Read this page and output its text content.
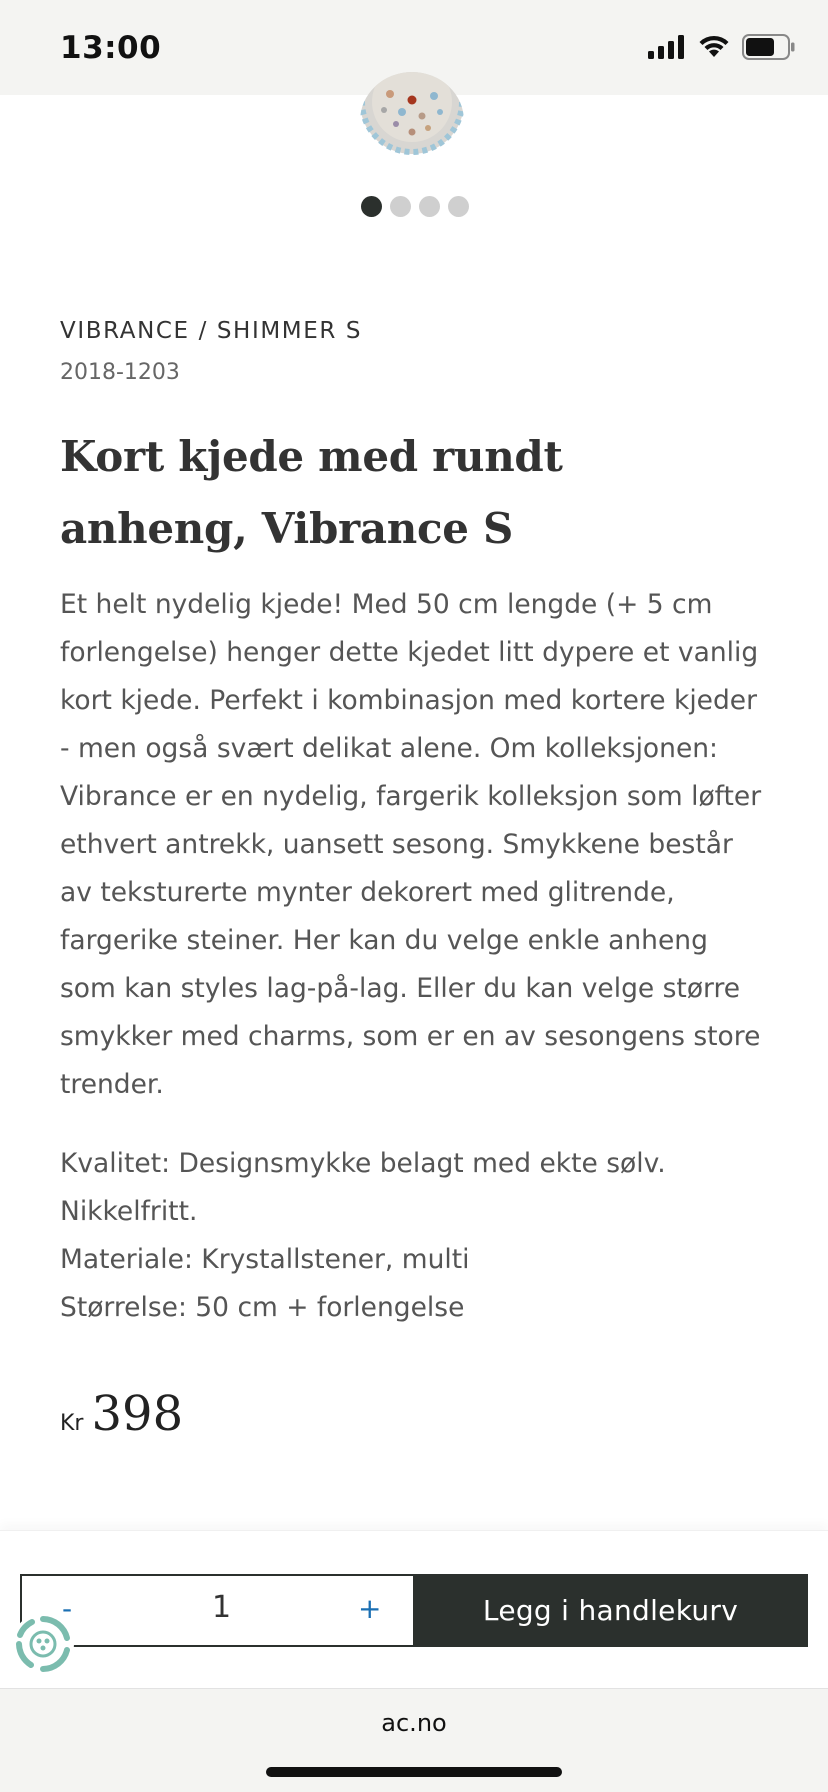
13:00
VIBRANCE / SHIMMER S
2018-1203
Kort kjede med rundt anheng, Vibrance S

Et helt nydelig kjede! Med 50 cm lengde (+ 5 cm forlengelse) henger dette kjedet litt dypere et vanlig kort kjede. Perfekt i kombinasjon med kortere kjeder - men også svært delikat alene. Om kolleksjonen: Vibrance er en nydelig, fargerik kolleksjon som løfter ethvert antrekk, uansett sesong. Smykkene består av teksturerte mynter dekorert med glitrende, fargerike steiner. Her kan du velge enkle anheng som kan styles lag-på-lag. Eller du kan velge større smykker med charms, som er en av sesongens store trender.

Kvalitet: Designsmykke belagt med ekte sølv. Nikkelfritt.
Materiale: Krystallstener, multi
Størrelse: 50 cm + forlengelse
Kr 398
-	1	+	Legg i handlekurv
ac.no
